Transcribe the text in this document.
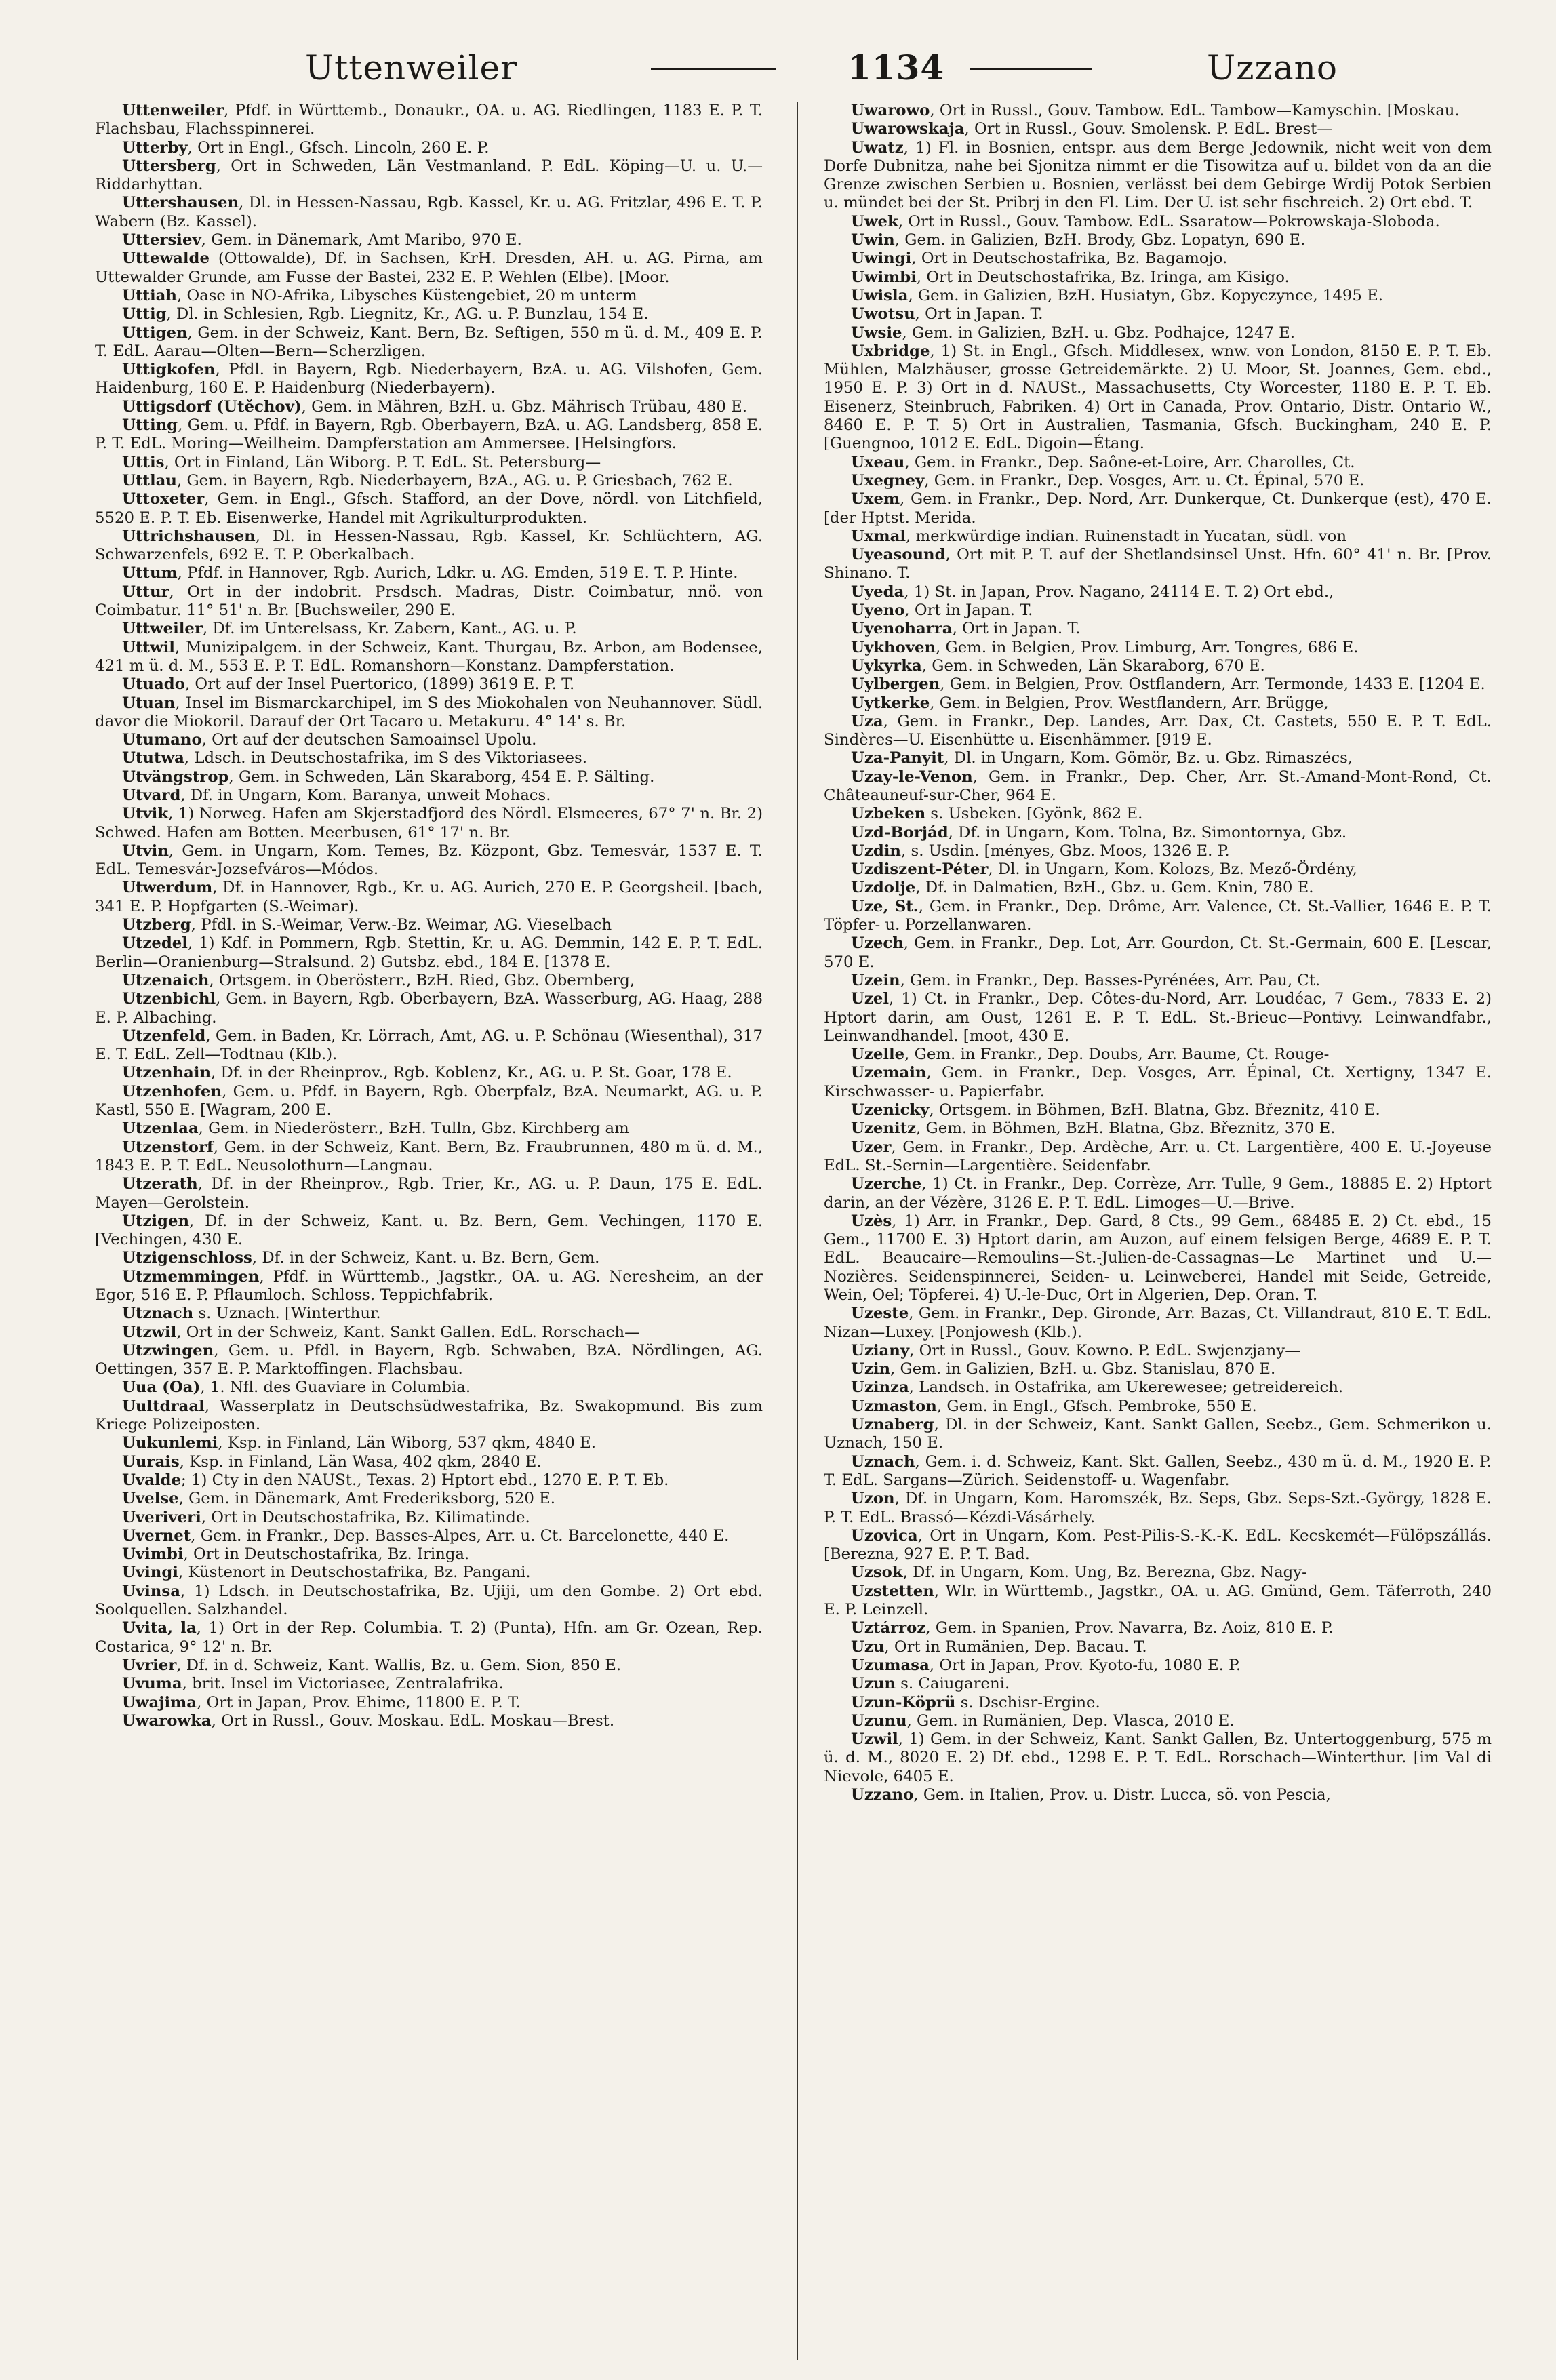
Uttenweiler	1134	Uzzano

Uttenweiler, Pfdf. in Württemb., Donaukr., OA. u. AG. Riedlingen, 1183 E. P. T. Flachsbau, Flachsspinnerei.

Utterby, Ort in Engl., Gfsch. Lincoln, 260 E. P.

Uttersberg, Ort in Schweden, Län Vestmanland. P. EdL. Köping—U. u. U.—Riddarhyttan.

Uttershausen, Dl. in Hessen-Nassau, Rgb. Kassel, Kr. u. AG. Fritzlar, 496 E. T. P. Wabern (Bz. Kassel).

Uttersiev, Gem. in Dänemark, Amt Maribo, 970 E.

Uttewalde (Ottowalde), Df. in Sachsen, KrH. Dresden, AH. u. AG. Pirna, am Uttewalder Grunde, am Fusse der Bastei, 232 E. P. Wehlen (Elbe). [Moor.

Uttiah, Oase in NO-Afrika, Libysches Küstengebiet, 20 m unterm

Uttig, Dl. in Schlesien, Rgb. Liegnitz, Kr., AG. u. P. Bunzlau, 154 E.

Uttigen, Gem. in der Schweiz, Kant. Bern, Bz. Seftigen, 550 m ü. d. M., 409 E. P. T. EdL. Aarau—Olten—Bern—Scherzligen.

Uttigkofen, Pfdl. in Bayern, Rgb. Niederbayern, BzA. u. AG. Vilshofen, Gem. Haidenburg, 160 E. P. Haidenburg (Niederbayern).

Uttigsdorf (Utěchov), Gem. in Mähren, BzH. u. Gbz. Mährisch Trübau, 480 E.

Utting, Gem. u. Pfdf. in Bayern, Rgb. Oberbayern, BzA. u. AG. Landsberg, 858 E. P. T. EdL. Moring—Weilheim. Dampferstation am Ammersee. [Helsingfors.

Uttis, Ort in Finland, Län Wiborg. P. T. EdL. St. Petersburg—

Uttlau, Gem. in Bayern, Rgb. Niederbayern, BzA., AG. u. P. Griesbach, 762 E.

Uttoxeter, Gem. in Engl., Gfsch. Stafford, an der Dove, nördl. von Litchfield, 5520 E. P. T. Eb. Eisenwerke, Handel mit Agrikulturprodukten.

Uttrichshausen, Dl. in Hessen-Nassau, Rgb. Kassel, Kr. Schlüchtern, AG. Schwarzenfels, 692 E. T. P. Oberkalbach.

Uttum, Pfdf. in Hannover, Rgb. Aurich, Ldkr. u. AG. Emden, 519 E. T. P. Hinte.

Uttur, Ort in der indobrit. Prsdsch. Madras, Distr. Coimbatur, nnö. von Coimbatur. 11° 51' n. Br. [Buchsweiler, 290 E.

Uttweiler, Df. im Unterelsass, Kr. Zabern, Kant., AG. u. P.

Uttwil, Munizipalgem. in der Schweiz, Kant. Thurgau, Bz. Arbon, am Bodensee, 421 m ü. d. M., 553 E. P. T. EdL. Romanshorn—Konstanz. Dampferstation.

Utuado, Ort auf der Insel Puertorico, (1899) 3619 E. P. T.

Utuan, Insel im Bismarckarchipel, im S des Miokohalen von Neuhannover. Südl. davor die Miokoril. Darauf der Ort Tacaro u. Metakuru. 4° 14' s. Br.

Utumano, Ort auf der deutschen Samoainsel Upolu.

Ututwa, Ldsch. in Deutschostafrika, im S des Viktoriasees.

Utvängstrop, Gem. in Schweden, Län Skaraborg, 454 E. P. Sälting.

Utvard, Df. in Ungarn, Kom. Baranya, unweit Mohacs.

Utvik, 1) Norweg. Hafen am Skjerstadfjord des Nördl. Elsmeeres, 67° 7' n. Br. 2) Schwed. Hafen am Botten. Meerbusen, 61° 17' n. Br.

Utvin, Gem. in Ungarn, Kom. Temes, Bz. Központ, Gbz. Temesvár, 1537 E. T. EdL. Temesvár-Jozsefváros—Módos.

Utwerdum, Df. in Hannover, Rgb., Kr. u. AG. Aurich, 270 E. P. Georgsheil. [bach, 341 E. P. Hopfgarten (S.-Weimar).

Utzberg, Pfdl. in S.-Weimar, Verw.-Bz. Weimar, AG. Vieselbach

Utzedel, 1) Kdf. in Pommern, Rgb. Stettin, Kr. u. AG. Demmin, 142 E. P. T. EdL. Berlin—Oranienburg—Stralsund. 2) Gutsbz. ebd., 184 E. [1378 E.

Utzenaich, Ortsgem. in Oberösterr., BzH. Ried, Gbz. Obernberg,

Utzenbichl, Gem. in Bayern, Rgb. Oberbayern, BzA. Wasserburg, AG. Haag, 288 E. P. Albaching.

Utzenfeld, Gem. in Baden, Kr. Lörrach, Amt, AG. u. P. Schönau (Wiesenthal), 317 E. T. EdL. Zell—Todtnau (Klb.).

Utzenhain, Df. in der Rheinprov., Rgb. Koblenz, Kr., AG. u. P. St. Goar, 178 E.

Utzenhofen, Gem. u. Pfdf. in Bayern, Rgb. Oberpfalz, BzA. Neumarkt, AG. u. P. Kastl, 550 E. [Wagram, 200 E.

Utzenlaa, Gem. in Niederösterr., BzH. Tulln, Gbz. Kirchberg am

Utzenstorf, Gem. in der Schweiz, Kant. Bern, Bz. Fraubrunnen, 480 m ü. d. M., 1843 E. P. T. EdL. Neusolothurn—Langnau.

Utzerath, Df. in der Rheinprov., Rgb. Trier, Kr., AG. u. P. Daun, 175 E. EdL. Mayen—Gerolstein.

Utzigen, Df. in der Schweiz, Kant. u. Bz. Bern, Gem. Vechingen, 1170 E. [Vechingen, 430 E.

Utzigenschloss, Df. in der Schweiz, Kant. u. Bz. Bern, Gem.

Utzmemmingen, Pfdf. in Württemb., Jagstkr., OA. u. AG. Neresheim, an der Egor, 516 E. P. Pflaumloch. Schloss. Teppichfabrik.

Utznach s. Uznach. [Winterthur.

Utzwil, Ort in der Schweiz, Kant. Sankt Gallen. EdL. Rorschach—

Utzwingen, Gem. u. Pfdl. in Bayern, Rgb. Schwaben, BzA. Nördlingen, AG. Oettingen, 357 E. P. Marktoffingen. Flachsbau.

Uua (Oa), 1. Nfl. des Guaviare in Columbia.

Uultdraal, Wasserplatz in Deutschsüdwestafrika, Bz. Swakopmund. Bis zum Kriege Polizeiposten.

Uukunlemi, Ksp. in Finland, Län Wiborg, 537 qkm, 4840 E.

Uurais, Ksp. in Finland, Län Wasa, 402 qkm, 2840 E.

Uvalde; 1) Cty in den NAUSt., Texas. 2) Hptort ebd., 1270 E. P. T. Eb.

Uvelse, Gem. in Dänemark, Amt Frederiksborg, 520 E.

Uveriveri, Ort in Deutschostafrika, Bz. Kilimatinde.

Uvernet, Gem. in Frankr., Dep. Basses-Alpes, Arr. u. Ct. Barcelonette, 440 E.

Uvimbi, Ort in Deutschostafrika, Bz. Iringa.

Uvingi, Küstenort in Deutschostafrika, Bz. Pangani.

Uvinsa, 1) Ldsch. in Deutschostafrika, Bz. Ujiji, um den Gombe. 2) Ort ebd. Soolquellen. Salzhandel.

Uvita, la, 1) Ort in der Rep. Columbia. T. 2) (Punta), Hfn. am Gr. Ozean, Rep. Costarica, 9° 12' n. Br.

Uvrier, Df. in d. Schweiz, Kant. Wallis, Bz. u. Gem. Sion, 850 E.

Uvuma, brit. Insel im Victoriasee, Zentralafrika.

Uwajima, Ort in Japan, Prov. Ehime, 11800 E. P. T.

Uwarowka, Ort in Russl., Gouv. Moskau. EdL. Moskau—Brest.

Uwarowo, Ort in Russl., Gouv. Tambow. EdL. Tambow—Kamyschin. [Moskau.

Uwarowskaja, Ort in Russl., Gouv. Smolensk. P. EdL. Brest—

Uwatz, 1) Fl. in Bosnien, entspr. aus dem Berge Jedownik, nicht weit von dem Dorfe Dubnitza, nahe bei Sjonitza nimmt er die Tisowitza auf u. bildet von da an die Grenze zwischen Serbien u. Bosnien, verlässt bei dem Gebirge Wrdij Potok Serbien u. mündet bei der St. Pribrj in den Fl. Lim. Der U. ist sehr fischreich. 2) Ort ebd. T.

Uwek, Ort in Russl., Gouv. Tambow. EdL. Ssaratow—Pokrowskaja-Sloboda.

Uwin, Gem. in Galizien, BzH. Brody, Gbz. Lopatyn, 690 E.

Uwingi, Ort in Deutschostafrika, Bz. Bagamojo.

Uwimbi, Ort in Deutschostafrika, Bz. Iringa, am Kisigo.

Uwisla, Gem. in Galizien, BzH. Husiatyn, Gbz. Kopyczynce, 1495 E.

Uwotsu, Ort in Japan. T.

Uwsie, Gem. in Galizien, BzH. u. Gbz. Podhajce, 1247 E.

Uxbridge, 1) St. in Engl., Gfsch. Middlesex, wnw. von London, 8150 E. P. T. Eb. Mühlen, Malzhäuser, grosse Getreidemärkte. 2) U. Moor, St. Joannes, Gem. ebd., 1950 E. P. 3) Ort in d. NAUSt., Massachusetts, Cty Worcester, 1180 E. P. T. Eb. Eisenerz, Steinbruch, Fabriken. 4) Ort in Canada, Prov. Ontario, Distr. Ontario W., 8460 E. P. T. 5) Ort in Australien, Tasmania, Gfsch. Buckingham, 240 E. P. [Guengnoo, 1012 E. EdL. Digoin—Étang.

Uxeau, Gem. in Frankr., Dep. Saône-et-Loire, Arr. Charolles, Ct.

Uxegney, Gem. in Frankr., Dep. Vosges, Arr. u. Ct. Épinal, 570 E.

Uxem, Gem. in Frankr., Dep. Nord, Arr. Dunkerque, Ct. Dunkerque (est), 470 E. [der Hptst. Merida.

Uxmal, merkwürdige indian. Ruinenstadt in Yucatan, südl. von

Uyeasound, Ort mit P. T. auf der Shetlandsinsel Unst. Hfn. 60° 41' n. Br. [Prov. Shinano. T.

Uyeda, 1) St. in Japan, Prov. Nagano, 24114 E. T. 2) Ort ebd.,

Uyeno, Ort in Japan. T.

Uyenoharra, Ort in Japan. T.

Uykhoven, Gem. in Belgien, Prov. Limburg, Arr. Tongres, 686 E.

Uykyrka, Gem. in Schweden, Län Skaraborg, 670 E.

Uylbergen, Gem. in Belgien, Prov. Ostflandern, Arr. Termonde, 1433 E. [1204 E.

Uytkerke, Gem. in Belgien, Prov. Westflandern, Arr. Brügge,

Uza, Gem. in Frankr., Dep. Landes, Arr. Dax, Ct. Castets, 550 E. P. T. EdL. Sindères—U. Eisenhütte u. Eisenhämmer. [919 E.

Uza-Panyit, Dl. in Ungarn, Kom. Gömör, Bz. u. Gbz. Rimaszécs,

Uzay-le-Venon, Gem. in Frankr., Dep. Cher, Arr. St.-Amand-Mont-Rond, Ct. Châteauneuf-sur-Cher, 964 E.

Uzbeken s. Usbeken. [Gyönk, 862 E.

Uzd-Borjád, Df. in Ungarn, Kom. Tolna, Bz. Simontornya, Gbz.

Uzdin, s. Usdin. [ményes, Gbz. Moos, 1326 E. P.

Uzdiszent-Péter, Dl. in Ungarn, Kom. Kolozs, Bz. Mező-Ördény,

Uzdolje, Df. in Dalmatien, BzH., Gbz. u. Gem. Knin, 780 E.

Uze, St., Gem. in Frankr., Dep. Drôme, Arr. Valence, Ct. St.-Vallier, 1646 E. P. T. Töpfer- u. Porzellanwaren.

Uzech, Gem. in Frankr., Dep. Lot, Arr. Gourdon, Ct. St.-Germain, 600 E. [Lescar, 570 E.

Uzein, Gem. in Frankr., Dep. Basses-Pyrénées, Arr. Pau, Ct.

Uzel, 1) Ct. in Frankr., Dep. Côtes-du-Nord, Arr. Loudéac, 7 Gem., 7833 E. 2) Hptort darin, am Oust, 1261 E. P. T. EdL. St.-Brieuc—Pontivy. Leinwandfabr., Leinwandhandel. [moot, 430 E.

Uzelle, Gem. in Frankr., Dep. Doubs, Arr. Baume, Ct. Rouge-

Uzemain, Gem. in Frankr., Dep. Vosges, Arr. Épinal, Ct. Xertigny, 1347 E. Kirschwasser- u. Papierfabr.

Uzenicky, Ortsgem. in Böhmen, BzH. Blatna, Gbz. Březnitz, 410 E.

Uzenitz, Gem. in Böhmen, BzH. Blatna, Gbz. Březnitz, 370 E.

Uzer, Gem. in Frankr., Dep. Ardèche, Arr. u. Ct. Largentière, 400 E. U.-Joyeuse EdL. St.-Sernin—Largentière. Seidenfabr.

Uzerche, 1) Ct. in Frankr., Dep. Corrèze, Arr. Tulle, 9 Gem., 18885 E. 2) Hptort darin, an der Vézère, 3126 E. P. T. EdL. Limoges—U.—Brive.

Uzès, 1) Arr. in Frankr., Dep. Gard, 8 Cts., 99 Gem., 68485 E. 2) Ct. ebd., 15 Gem., 11700 E. 3) Hptort darin, am Auzon, auf einem felsigen Berge, 4689 E. P. T. EdL. Beaucaire—Remoulins—St.-Julien-de-Cassagnas—Le Martinet und U.—Nozières. Seidenspinnerei, Seiden- u. Leinweberei, Handel mit Seide, Getreide, Wein, Oel; Töpferei. 4) U.-le-Duc, Ort in Algerien, Dep. Oran. T.

Uzeste, Gem. in Frankr., Dep. Gironde, Arr. Bazas, Ct. Villandraut, 810 E. T. EdL. Nizan—Luxey. [Ponjowesh (Klb.).

Uziany, Ort in Russl., Gouv. Kowno. P. EdL. Swjenzjany—

Uzin, Gem. in Galizien, BzH. u. Gbz. Stanislau, 870 E.

Uzinza, Landsch. in Ostafrika, am Ukerewesee; getreidereich.

Uzmaston, Gem. in Engl., Gfsch. Pembroke, 550 E.

Uznaberg, Dl. in der Schweiz, Kant. Sankt Gallen, Seebz., Gem. Schmerikon u. Uznach, 150 E.

Uznach, Gem. i. d. Schweiz, Kant. Skt. Gallen, Seebz., 430 m ü. d. M., 1920 E. P. T. EdL. Sargans—Zürich. Seidenstoff- u. Wagenfabr.

Uzon, Df. in Ungarn, Kom. Haromszék, Bz. Seps, Gbz. Seps-Szt.-György, 1828 E. P. T. EdL. Brassó—Kézdi-Vásárhely.

Uzovica, Ort in Ungarn, Kom. Pest-Pilis-S.-K.-K. EdL. Kecskemét—Fülöpszállás. [Berezna, 927 E. P. T. Bad.

Uzsok, Df. in Ungarn, Kom. Ung, Bz. Berezna, Gbz. Nagy-

Uzstetten, Wlr. in Württemb., Jagstkr., OA. u. AG. Gmünd, Gem. Täferroth, 240 E. P. Leinzell.

Uztárroz, Gem. in Spanien, Prov. Navarra, Bz. Aoiz, 810 E. P.

Uzu, Ort in Rumänien, Dep. Bacau. T.

Uzumasa, Ort in Japan, Prov. Kyoto-fu, 1080 E. P.

Uzun s. Caiugareni.

Uzun-Köprü s. Dschisr-Ergine.

Uzunu, Gem. in Rumänien, Dep. Vlasca, 2010 E.

Uzwil, 1) Gem. in der Schweiz, Kant. Sankt Gallen, Bz. Untertoggenburg, 575 m ü. d. M., 8020 E. 2) Df. ebd., 1298 E. P. T. EdL. Rorschach—Winterthur. [im Val di Nievole, 6405 E.

Uzzano, Gem. in Italien, Prov. u. Distr. Lucca, sö. von Pescia,
